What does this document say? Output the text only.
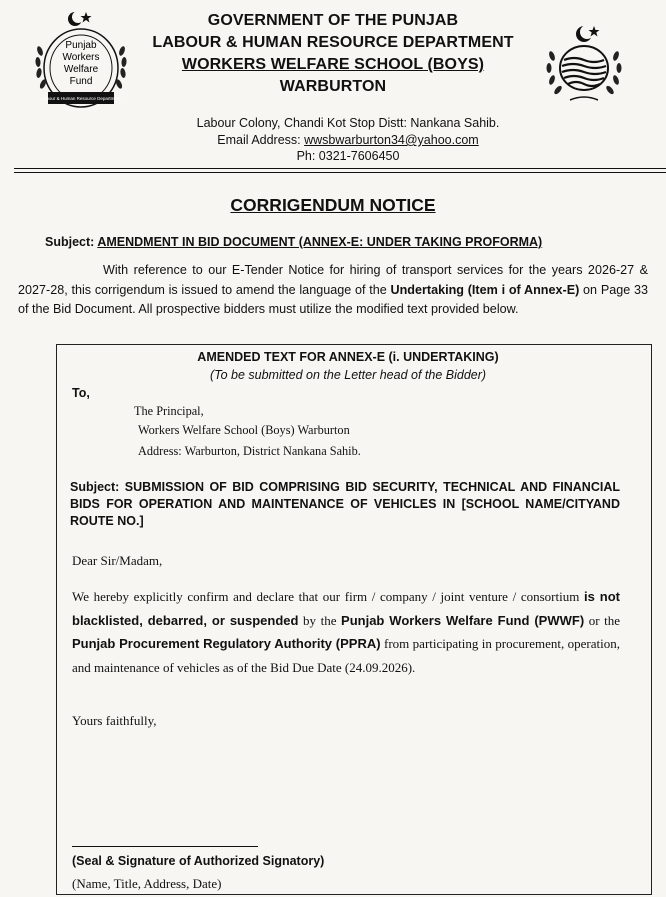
Punjab
Workers
Welfare
Fund
Labour & Human Resource Department
GOVERNMENT OF THE PUNJAB
LABOUR & HUMAN RESOURCE DEPARTMENT
WORKERS WELFARE SCHOOL (BOYS)
WARBURTON
Labour Colony, Chandi Kot Stop Distt: Nankana Sahib.
Email Address: wwsbwarburton34@yahoo.com
Ph: 0321-7606450
CORRIGENDUM NOTICE
Subject: AMENDMENT IN BID DOCUMENT (ANNEX-E: UNDER TAKING PROFORMA)
With reference to our E-Tender Notice for hiring of transport services for the years 2026-27 & 2027-28, this corrigendum is issued to amend the language of the Undertaking (Item i of Annex-E) on Page 33 of the Bid Document. All prospective bidders must utilize the modified text provided below.
AMENDED TEXT FOR ANNEX-E (i. UNDERTAKING)
(To be submitted on the Letter head of the Bidder)
To,
The Principal,
Workers Welfare School (Boys) Warburton
Address: Warburton, District Nankana Sahib.
Subject: SUBMISSION OF BID COMPRISING BID SECURITY, TECHNICAL AND FINANCIAL BIDS FOR OPERATION AND MAINTENANCE OF VEHICLES IN [SCHOOL NAME/CITYAND ROUTE NO.]
Dear Sir/Madam,
We hereby explicitly confirm and declare that our firm / company / joint venture / consortium is not blacklisted, debarred, or suspended by the Punjab Workers Welfare Fund (PWWF) or the Punjab Procurement Regulatory Authority (PPRA) from participating in procurement, operation, and maintenance of vehicles as of the Bid Due Date (24.09.2026).
Yours faithfully,
(Seal & Signature of Authorized Signatory)
(Name, Title, Address, Date)
